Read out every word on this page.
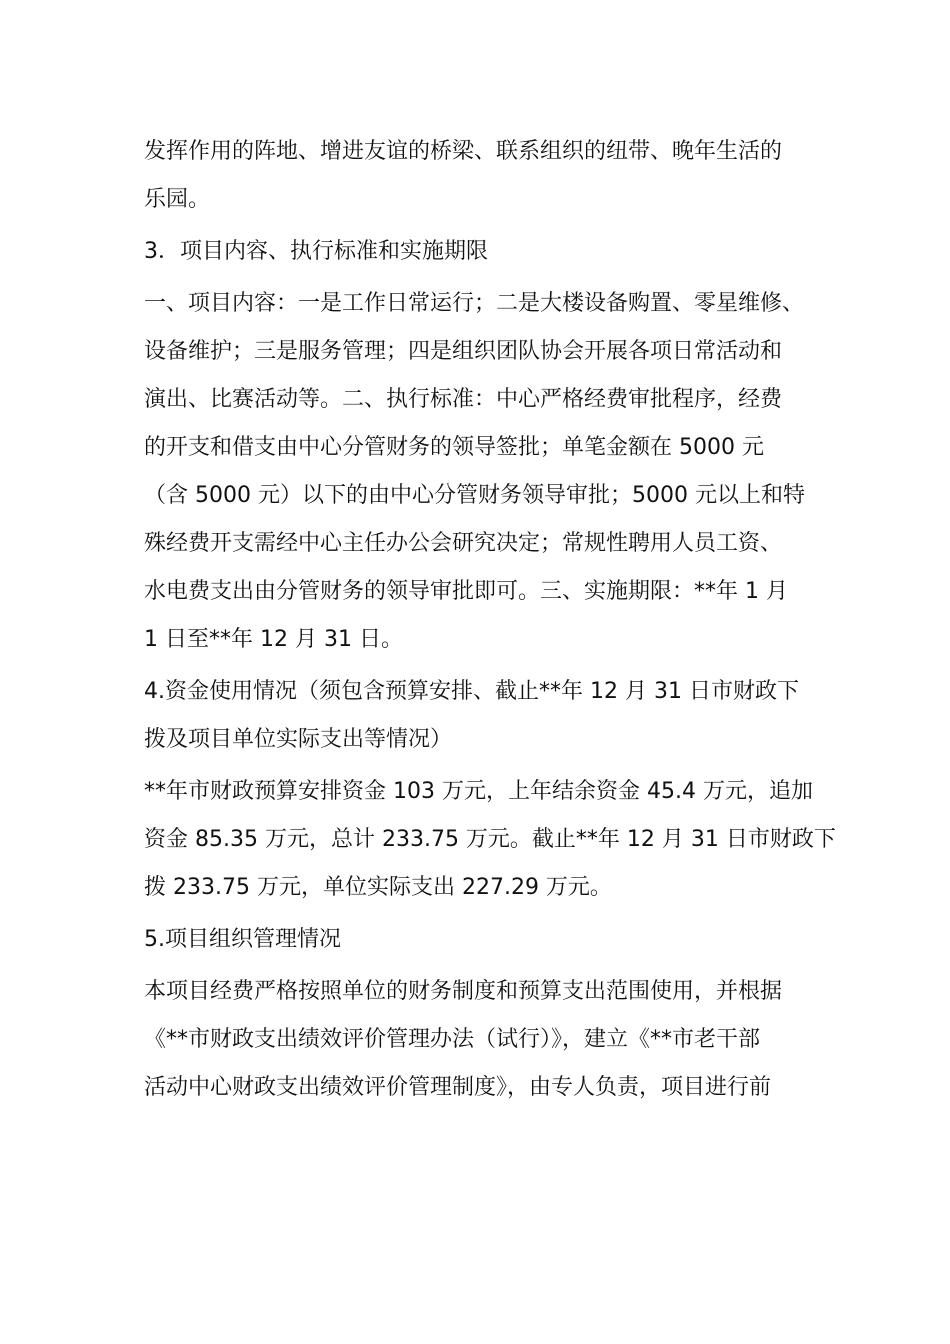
发挥作用的阵地、增进友谊的桥梁、联系组织的纽带、晚年生活的
乐园。
3．项目内容、执行标准和实施期限
一、项目内容：一是工作日常运行；二是大楼设备购置、零星维修、
设备维护；三是服务管理；四是组织团队协会开展各项日常活动和
演出、比赛活动等。二、执行标准：中心严格经费审批程序，经费
的开支和借支由中心分管财务的领导签批；单笔金额在 5000 元
（含 5000 元）以下的由中心分管财务领导审批；5000 元以上和特
殊经费开支需经中心主任办公会研究决定；常规性聘用人员工资、
水电费支出由分管财务的领导审批即可。三、实施期限：**年 1 月
1 日至**年 12 月 31 日。
4.资金使用情况（须包含预算安排、截止**年 12 月 31 日市财政下
拨及项目单位实际支出等情况）
**年市财政预算安排资金 103 万元，上年结余资金 45.4 万元，追加
资金 85.35 万元，总计 233.75 万元。截止**年 12 月 31 日市财政下
拨 233.75 万元，单位实际支出 227.29 万元。
5.项目组织管理情况
本项目经费严格按照单位的财务制度和预算支出范围使用，并根据
《**市财政支出绩效评价管理办法（试行）》，建立《**市老干部
活动中心财政支出绩效评价管理制度》，由专人负责，项目进行前
